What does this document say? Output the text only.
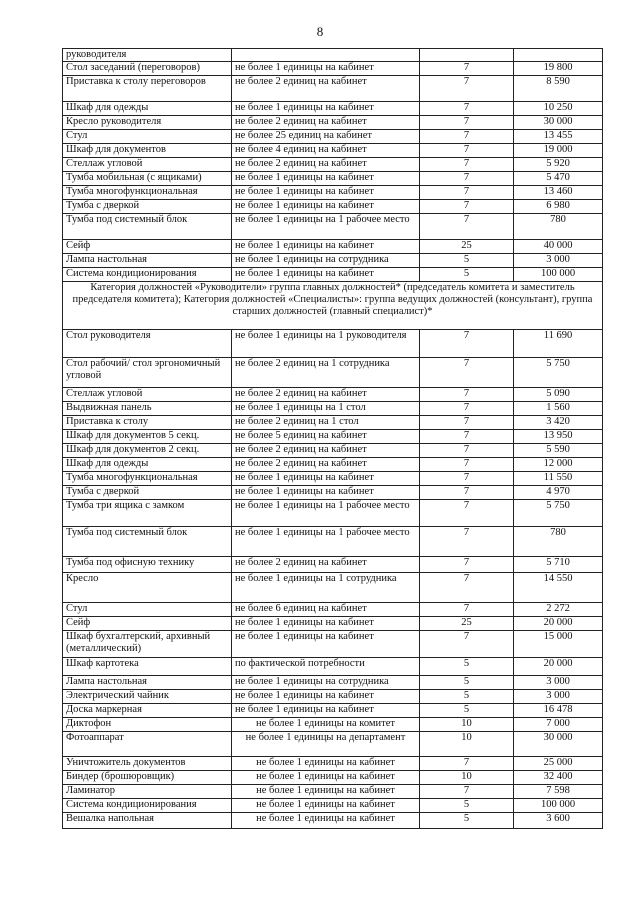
8
руководителя			
Стол заседаний (переговоров)	не более 1 единицы на кабинет	7	19 800
Приставка к столу переговоров	не более 2 единиц на кабинет	7	8 590
Шкаф для одежды	не более 1 единицы на кабинет	7	10 250
Кресло руководителя	не более 2 единиц на кабинет	7	30 000
Стул	не более 25 единиц на кабинет	7	13 455
Шкаф для документов	не более 4 единиц на кабинет	7	19 000
Стеллаж угловой	не более 2 единиц на кабинет	7	5 920
Тумба мобильная (с ящиками)	не более 1 единицы на кабинет	7	5 470
Тумба многофункциональная	не более 1 единицы на кабинет	7	13 460
Тумба с дверкой	не более 1 единицы на кабинет	7	6 980
Тумба под системный блок	не более 1 единицы на 1 рабочее место	7	780
Сейф	не более 1 единицы на кабинет	25	40 000
Лампа настольная	не более 1 единицы на сотрудника	5	3 000
Система кондиционирования	не более 1 единицы на кабинет	5	100 000
Категория должностей «Руководители» группа главных должностей* (председатель комитета и заместитель председателя комитета); Категория должностей «Специалисты»: группа ведущих должностей (консультант), группа старших должностей (главный специалист)*			
Стол руководителя	не более 1 единицы на 1 руководителя	7	11 690
Стол рабочий/ стол эргономичный угловой	не более 2 единиц на 1 сотрудника	7	5 750
Стеллаж угловой	не более 2 единиц на кабинет	7	5 090
Выдвижная панель	не более 1 единицы на 1 стол	7	1 560
Приставка к столу	не более 2 единиц на 1 стол	7	3 420
Шкаф для документов 5 секц.	не более 5 единиц на кабинет	7	13 950
Шкаф для документов 2 секц.	не более 2 единиц на кабинет	7	5 590
Шкаф для одежды	не более 2 единиц на кабинет	7	12 000
Тумба многофункциональная	не более 1 единицы на кабинет	7	11 550
Тумба с дверкой	не более 1 единицы на кабинет	7	4 970
Тумба три ящика с замком	не более 1 единицы на 1 рабочее место	7	5 750
Тумба под системный блок	не более 1 единицы на 1 рабочее место	7	780
Тумба под офисную технику	не более 2 единиц на кабинет	7	5 710
Кресло	не более 1 единицы на 1 сотрудника	7	14 550
Стул	не более 6 единиц на кабинет	7	2 272
Сейф	не более 1 единицы на кабинет	25	20 000
Шкаф бухгалтерский, архивный (металлический)	не более 1 единицы на кабинет	7	15 000
Шкаф картотека	по фактической потребности	5	20 000
Лампа настольная	не более 1 единицы на сотрудника	5	3 000
Электрический чайник	не более 1 единицы на кабинет	5	3 000
Доска маркерная	не более 1 единицы на кабинет	5	16 478
Диктофон	не более 1 единицы на комитет	10	7 000
Фотоаппарат	не более 1 единицы на департамент	10	30 000
Уничтожитель документов	не более 1 единицы на кабинет	7	25 000
Биндер (брошюровщик)	не более 1 единицы на кабинет	10	32 400
Ламинатор	не более 1 единицы на кабинет	7	7 598
Система кондиционирования	не более 1 единицы на кабинет	5	100 000
Вешалка напольная	не более 1 единицы на кабинет	5	3 600
